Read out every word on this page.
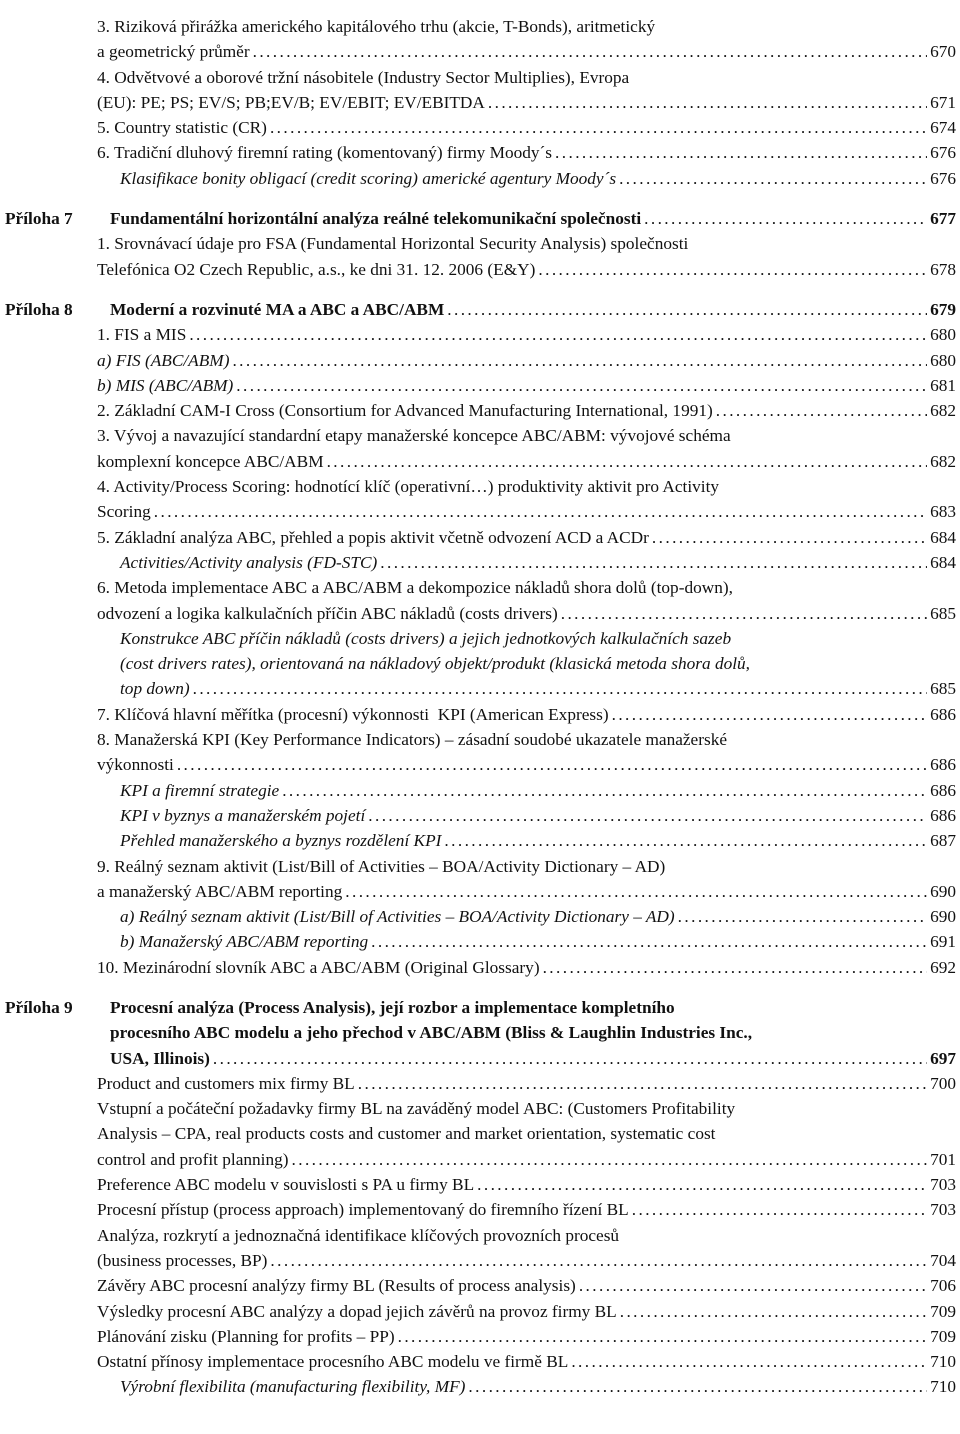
3. Riziková přirážka amerického kapitálového trhu (akcie, T-Bonds), aritmetický
a geometrický průměr .....	670
4. Odvětvové a oborové tržní násobitele (Industry Sector Multiplies), Evropa
(EU): PE; PS; EV/S; PB;EV/B; EV/EBIT; EV/EBITDA .....	671
5. Country statistic (CR) .....	674
6. Tradiční dluhový firemní rating (komentovaný) firmy Moody´s .....	676
Klasifikace bonity obligací (credit scoring) americké agentury Moody´s .....	676
Příloha 7 Fundamentální horizontální analýza reálné telekomunikační společnosti .....	677
1. Srovnávací údaje pro FSA (Fundamental Horizontal Security Analysis) společnosti
Telefónica O2 Czech Republic, a.s., ke dni 31. 12. 2006 (E&Y) .....	678
Příloha 8 Moderní a rozvinuté MA a ABC a ABC/ABM .....	679
1. FIS a MIS .....	680
a) FIS (ABC/ABM) .....	680
b) MIS (ABC/ABM) .....	681
2. Základní CAM-I Cross (Consortium for Advanced Manufacturing International, 1991) .....	682
3. Vývoj a navazující standardní etapy manažerské koncepce ABC/ABM: vývojové schéma
komplexní koncepce ABC/ABM .....	682
4. Activity/Process Scoring: hodnotící klíč (operativní…) produktivity aktivit pro Activity
Scoring .....	683
5. Základní analýza ABC, přehled a popis aktivit včetně odvození ACD a ACDr .....	684
Activities/Activity analysis (FD-STC) .....	684
6. Metoda implementace ABC a ABC/ABM a dekompozice nákladů shora dolů (top-down),
odvození a logika kalkulačních příčin ABC nákladů (costs drivers) .....	685
Konstrukce ABC příčin nákladů (costs drivers) a jejich jednotkových kalkulačních sazeb
(cost drivers rates), orientovaná na nákladový objekt/produkt (klasická metoda shora dolů,
top down) .....	685
7. Klíčová hlavní měřítka (procesní) výkonnosti  KPI (American Express) .....	686
8. Manažerská KPI (Key Performance Indicators) – zásadní soudobé ukazatele manažerské
výkonnosti .....	686
KPI a firemní strategie .....	686
KPI v byznys a manažerském pojetí .....	686
Přehled manažerského a byznys rozdělení KPI .....	687
9. Reálný seznam aktivit (List/Bill of Activities – BOA/Activity Dictionary – AD)
a manažerský ABC/ABM reporting .....	690
a) Reálný seznam aktivit (List/Bill of Activities – BOA/Activity Dictionary – AD) .....	690
b) Manažerský ABC/ABM reporting .....	691
10. Mezinárodní slovník ABC a ABC/ABM (Original Glossary) .....	692
Příloha 9 Procesní analýza (Process Analysis), její rozbor a implementace kompletního
procesního ABC modelu a jeho přechod v ABC/ABM (Bliss & Laughlin Industries Inc.,
USA, Illinois) .....	697
Product and customers mix firmy BL .....	700
Vstupní a počáteční požadavky firmy BL na zaváděný model ABC: (Customers Profitability
Analysis – CPA, real products costs and customer and market orientation, systematic cost
control and profit planning) .....	701
Preference ABC modelu v souvislosti s PA u firmy BL .....	703
Procesní přístup (process approach) implementovaný do firemního řízení BL .....	703
Analýza, rozkrytí a jednoznačná identifikace klíčových provozních procesů
(business processes, BP) .....	704
Závěry ABC procesní analýzy firmy BL (Results of process analysis) .....	706
Výsledky procesní ABC analýzy a dopad jejich závěrů na provoz firmy BL .....	709
Plánování zisku (Planning for profits – PP) .....	709
Ostatní přínosy implementace procesního ABC modelu ve firmě BL .....	710
Výrobní flexibilita (manufacturing flexibility, MF) .....	710
